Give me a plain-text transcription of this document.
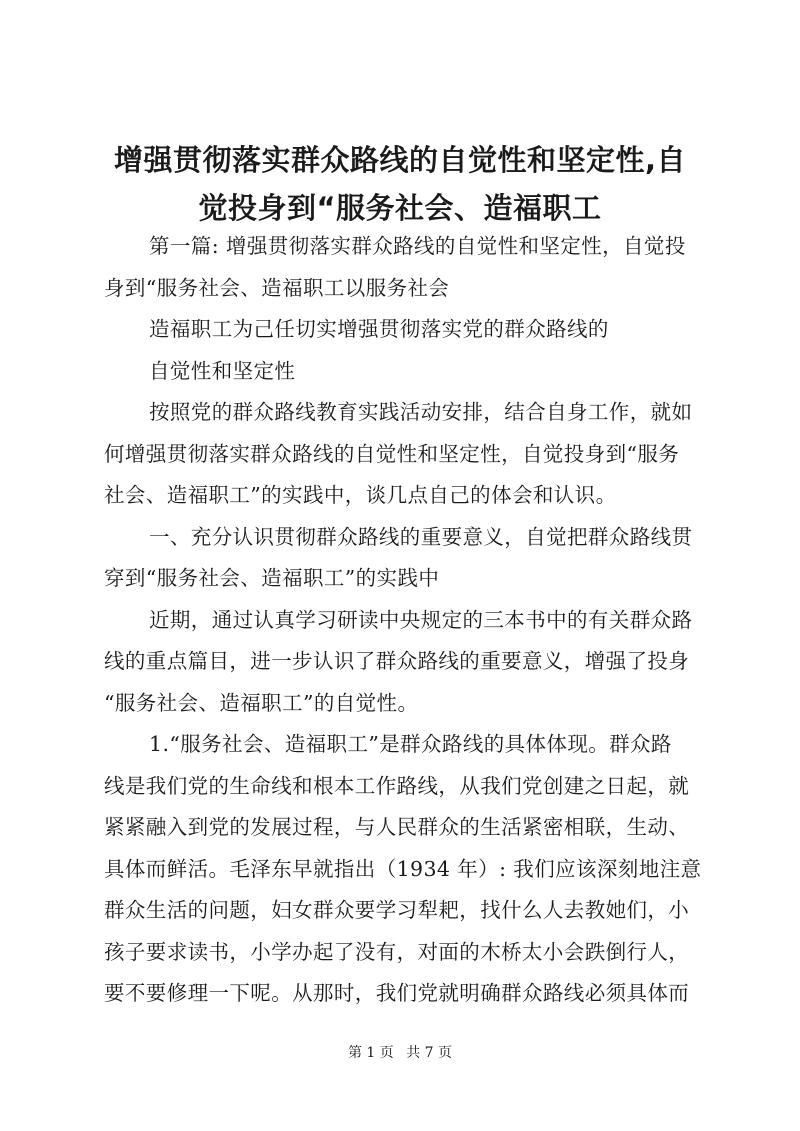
增强贯彻落实群众路线的自觉性和坚定性,自
觉投身到“服务社会、造福职工
第一篇: 增强贯彻落实群众路线的自觉性和坚定性，自觉投
身到“服务社会、造福职工以服务社会
造福职工为己任切实增强贯彻落实党的群众路线的
自觉性和坚定性
按照党的群众路线教育实践活动安排，结合自身工作，就如
何增强贯彻落实群众路线的自觉性和坚定性，自觉投身到“服务
社会、造福职工”的实践中，谈几点自己的体会和认识。
一、充分认识贯彻群众路线的重要意义，自觉把群众路线贯
穿到“服务社会、造福职工”的实践中
近期，通过认真学习研读中央规定的三本书中的有关群众路
线的重点篇目，进一步认识了群众路线的重要意义，增强了投身
“服务社会、造福职工”的自觉性。
1.“服务社会、造福职工”是群众路线的具体体现。群众路
线是我们党的生命线和根本工作路线，从我们党创建之日起，就
紧紧融入到党的发展过程，与人民群众的生活紧密相联，生动、
具体而鲜活。毛泽东早就指出（1934 年）: 我们应该深刻地注意
群众生活的问题，妇女群众要学习犁耙，找什么人去教她们，小
孩子要求读书，小学办起了没有，对面的木桥太小会跌倒行人，
要不要修理一下呢。从那时，我们党就明确群众路线必须具体而
第 1 页 共 7 页
